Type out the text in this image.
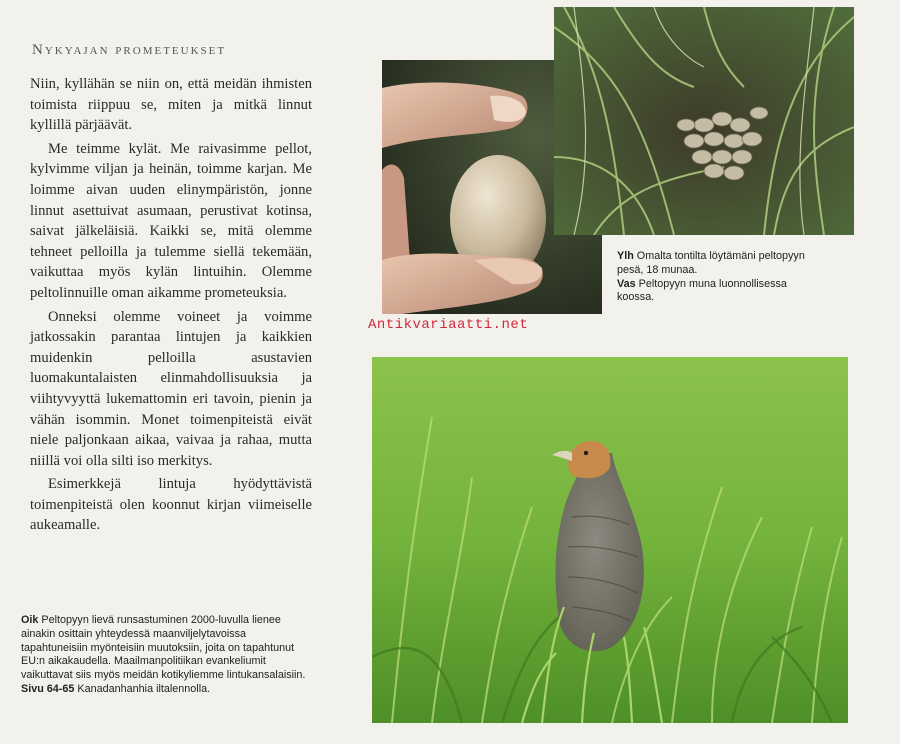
Nykyajan prometeukset

Niin, kyllähän se niin on, että meidän ihmisten toimista riippuu se, miten ja mitkä linnut kyllillä pärjäävät.

Me teimme kylät. Me raivasimme pellot, kylvimme viljan ja heinän, toimme karjan. Me loimme aivan uuden elinympäristön, jonne linnut asettuivat asumaan, perustivat kotinsa, saivat jälkeläisiä. Kaikki se, mitä olemme tehneet pelloilla ja tulemme siellä tekemään, vaikuttaa myös kylän lintuihin. Olemme peltolinnuille oman aikamme prometeuksia.

Onneksi olemme voineet ja voimme jatkossakin parantaa lintujen ja kaikkien muidenkin pelloilla asustavien luomakuntalaisten elinmahdollisuuksia ja viihtyvyyttä lukemattomin eri tavoin, pienin ja vähän isommin. Monet toimenpiteistä eivät niele paljonkaan aikaa, vaivaa ja rahaa, mutta niillä voi olla silti iso merkitys.

Esimerkkejä lintuja hyödyttävistä toimenpiteistä olen koonnut kirjan viimeiselle aukeamalle.

Oik Peltopyyn lievä runsastuminen 2000-luvulla lienee ainakin osittain yhteydessä maanviljelytavoissa tapahtuneisiin myönteisiin muutoksiin, joita on tapahtunut EU:n aikakaudella. Maailmanpolitiikan evankeliumit vaikuttavat siis myös meidän kotikyliemme lintukansalaisiin.
Sivu 64-65 Kanadanhanhia iltalennolla.
Ylh Omalta tontilta löytämäni peltopyyn pesä, 18 munaa.
Vas Peltopyyn muna luonnollisessa koossa.
Antikvariaatti.net
